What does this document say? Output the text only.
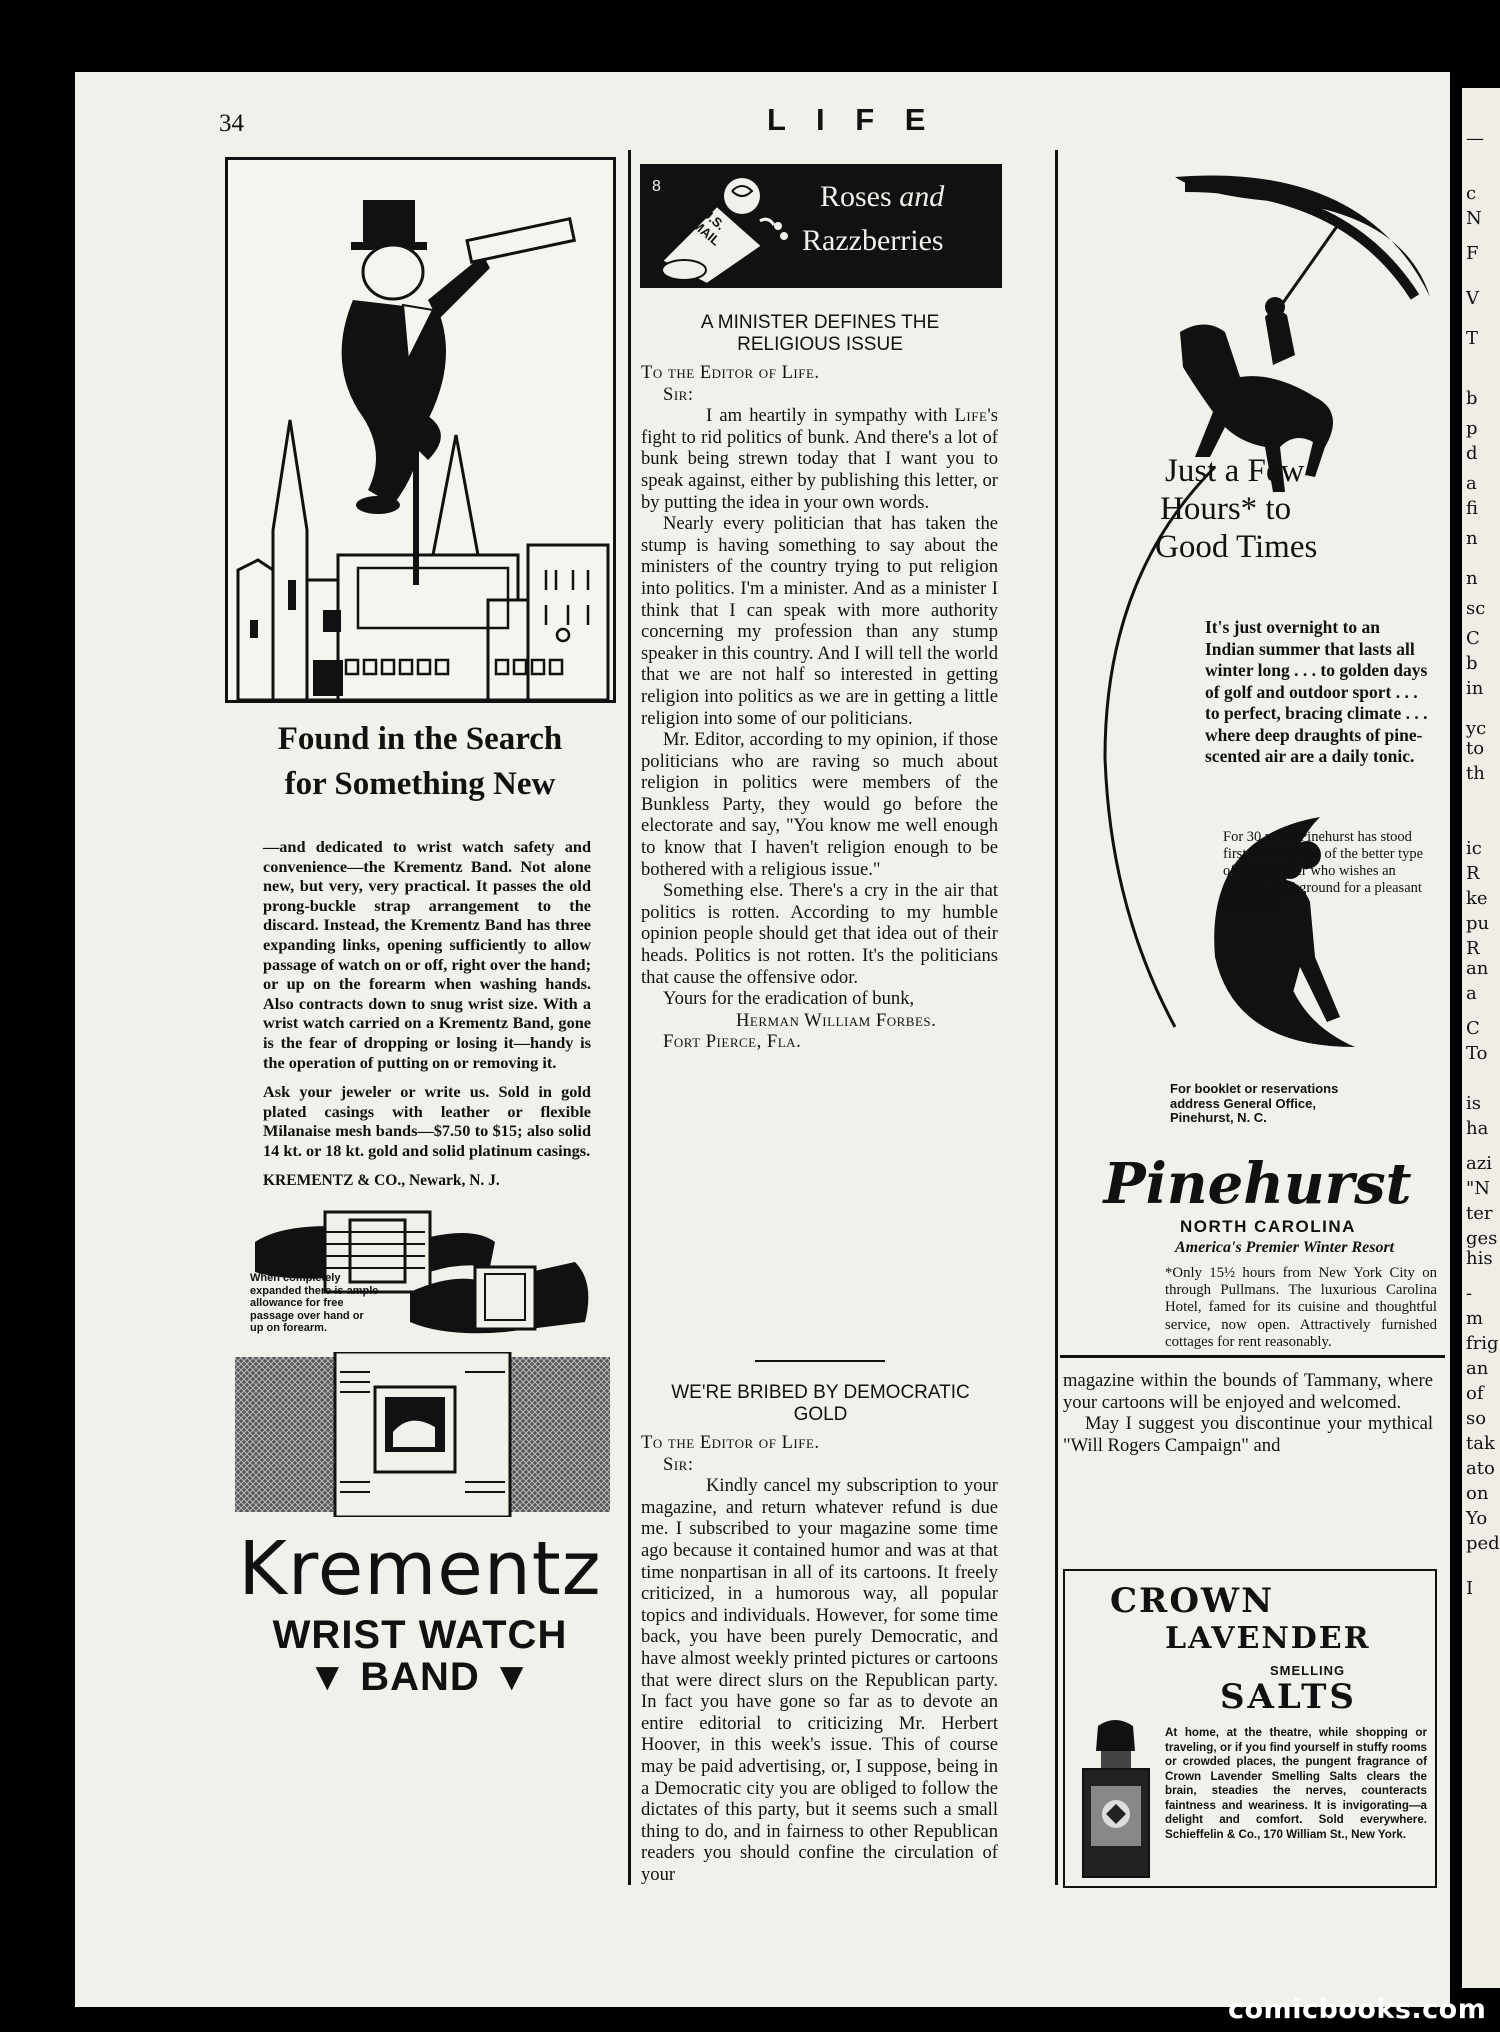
34	L I F E
Found in the Search
for Something New

—and dedicated to wrist watch safety and convenience—the Krementz Band. Not alone new, but very, very practical. It passes the old prong-buckle strap arrangement to the discard. Instead, the Krementz Band has three expanding links, opening sufficiently to allow passage of watch on or off, right over the hand; or up on the forearm when washing hands. Also contracts down to snug wrist size. With a wrist watch carried on a Krementz Band, gone is the fear of dropping or losing it—handy is the operation of putting on or removing it.

Ask your jeweler or write us. Sold in gold plated casings with leather or flexible Milanaise mesh bands—$7.50 to $15; also solid 14 kt. or 18 kt. gold and solid platinum casings.

KREMENTZ & CO., Newark, N. J.
When completely expanded there is ample allowance for free passage over hand or up on forearm.
Krementz
WRIST WATCH
▼ BAND ▼
8
U.S. MAIL
Roses and
Razzberries
A MINISTER DEFINES THE RELIGIOUS ISSUE

To the Editor of Life.

Sir:

I am heartily in sympathy with Life's fight to rid politics of bunk. And there's a lot of bunk being strewn today that I want you to speak against, either by publishing this letter, or by putting the idea in your own words.

Nearly every politician that has taken the stump is having something to say about the ministers of the country trying to put religion into politics. I'm a minister. And as a minister I think that I can speak with more authority concerning my profession than any stump speaker in this country. And I will tell the world that we are not half so interested in getting religion into politics as we are in getting a little religion into some of our politicians.

Mr. Editor, according to my opinion, if those politicians who are raving so much about religion in politics were members of the Bunkless Party, they would go before the electorate and say, "You know me well enough to know that I haven't religion enough to be bothered with a religious issue."

Something else. There's a cry in the air that politics is rotten. According to my humble opinion people should get that idea out of their heads. Politics is not rotten. It's the politicians that cause the offensive odor.

Yours for the eradication of bunk,

Herman William Forbes.

Fort Pierce, Fla.

WE'RE BRIBED BY DEMOCRATIC GOLD

To the Editor of Life.

Sir:

Kindly cancel my subscription to your magazine, and return whatever refund is due me. I subscribed to your magazine some time ago because it contained humor and was at that time nonpartisan in all of its cartoons. It freely criticized, in a humorous way, all popular topics and individuals. However, for some time back, you have been purely Democratic, and have almost weekly printed pictures or cartoons that were direct slurs on the Republican party. In fact you have gone so far as to devote an entire editorial to criticizing Mr. Herbert Hoover, in this week's issue. This of course may be paid advertising, or, I suppose, being in a Democratic city you are obliged to follow the dictates of this party, but it seems such a small thing to do, and in fairness to other Republican readers you should confine the circulation of your

Just a Few
Hours* to
Good Times
It's just overnight to an Indian summer that lasts all winter long . . . to golden days of golf and outdoor sport . . . to perfect, bracing climate . . . where deep draughts of pine-scented air are a daily tonic.
For 30 years Pinehurst has stood first in the hearts of the better type of sports lover who wishes an outdoor background for a pleasant social life.
For booklet or reservations address General Office, Pinehurst, N. C.
Pinehurst
NORTH CAROLINA
America's Premier Winter Resort
*Only 15½ hours from New York City on through Pullmans. The luxurious Carolina Hotel, famed for its cuisine and thoughtful service, now open. Attractively furnished cottages for rent reasonably.

magazine within the bounds of Tammany, where your cartoons will be enjoyed and welcomed.

May I suggest you discontinue your mythical "Will Rogers Campaign" and

CROWN
LAVENDER
SMELLING
SALTS
At home, at the theatre, while shopping or traveling, or if you find yourself in stuffy rooms or crowded places, the pungent fragrance of Crown Lavender Smelling Salts clears the brain, steadies the nerves, counteracts faintness and weariness. It is invigorating—a delight and comfort. Sold everywhere. Schieffelin & Co., 170 William St., New York.
—
c
N
F
V
T
b
p
d
a
fi
n
n
sc
C
b
in
yc
to
th
ic
R
ke
pu
R
an
a
C
To
is
ha
azi
"N
ter
ges
his
-
m
frig
an
of
so
tak
ato
on
Yo
ped
I
comicbooks.com
